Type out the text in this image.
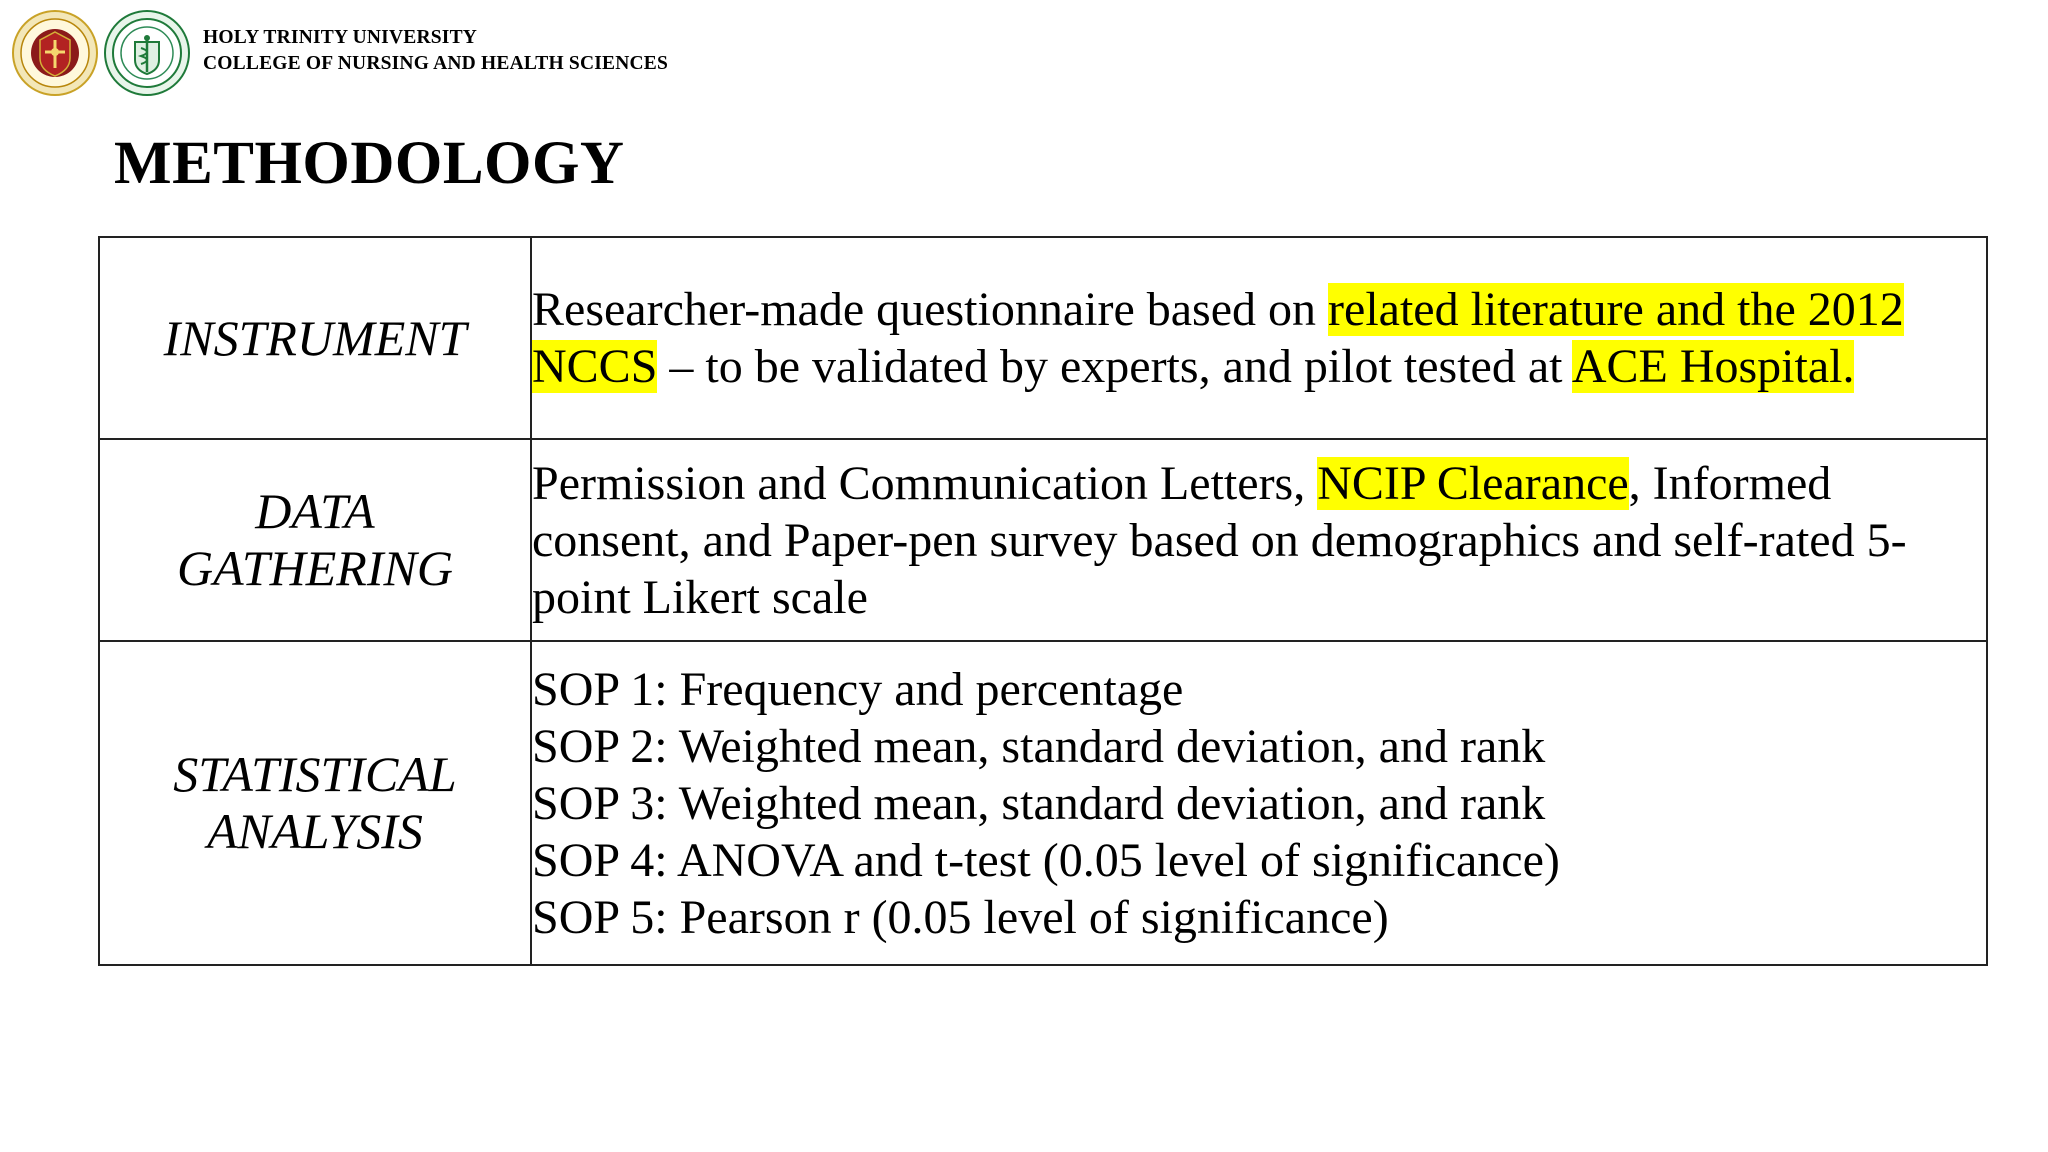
HOLY TRINITY UNIVERSITY
COLLEGE OF NURSING AND HEALTH SCIENCES
METHODOLOGY
INSTRUMENT	Researcher-made questionnaire based on related literature and the 2012 NCCS – to be validated by experts, and pilot tested at ACE Hospital.
DATA GATHERING	Permission and Communication Letters, NCIP Clearance, Informed consent, and Paper-pen survey based on demographics and self-rated 5-point Likert scale
STATISTICAL ANALYSIS	SOP 1: Frequency and percentage
SOP 2: Weighted mean, standard deviation, and rank
SOP 3: Weighted mean, standard deviation, and rank
SOP 4: ANOVA and t-test (0.05 level of significance)
SOP 5: Pearson r (0.05 level of significance)
